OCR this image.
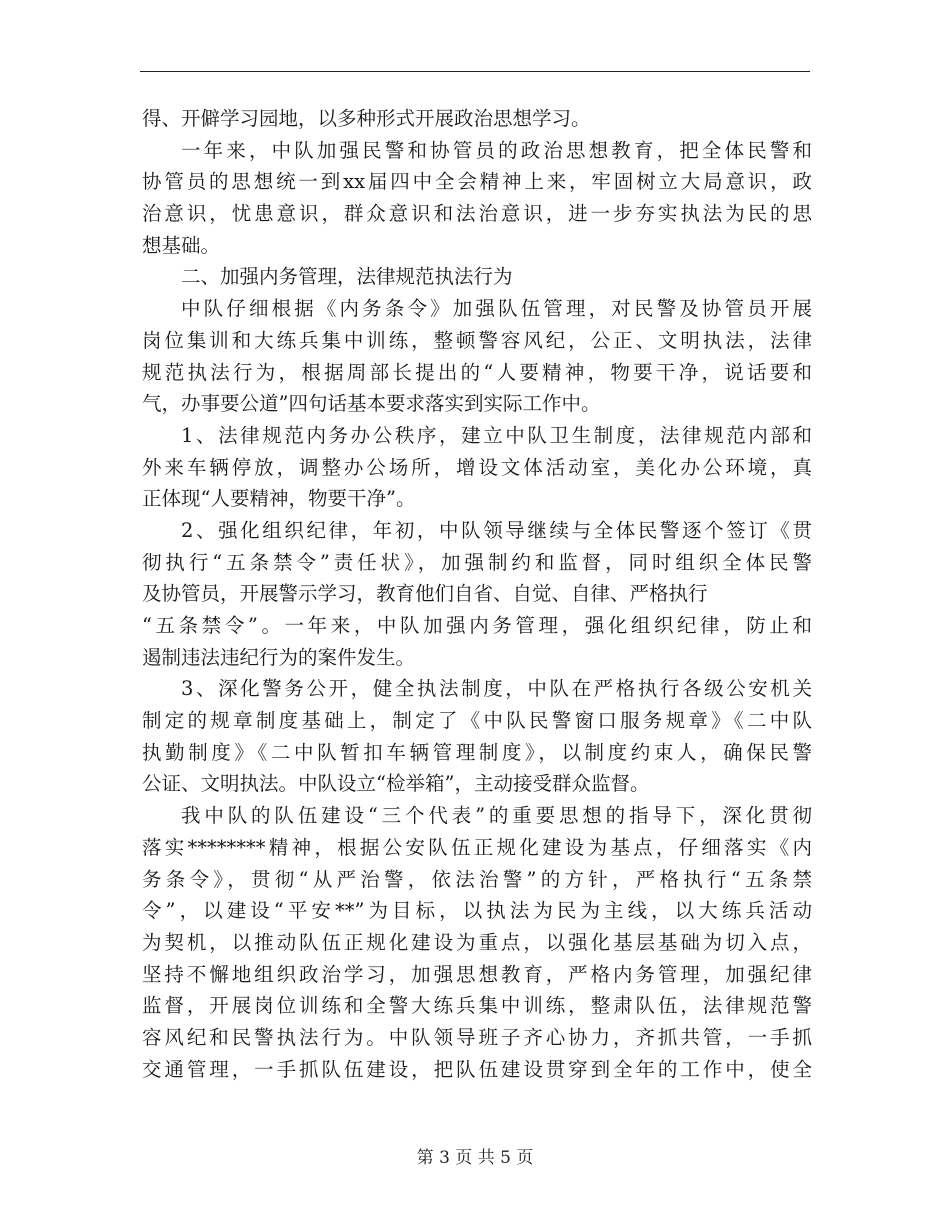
得、开僻学习园地，以多种形式开展政治思想学习。
一年来，中队加强民警和协管员的政治思想教育，把全体民警和
协管员的思想统一到xx届四中全会精神上来，牢固树立大局意识，政
治意识，忧患意识，群众意识和法治意识，进一步夯实执法为民的思
想基础。
二、加强内务管理，法律规范执法行为
中队仔细根据《内务条令》加强队伍管理，对民警及协管员开展
岗位集训和大练兵集中训练，整顿警容风纪，公正、文明执法，法律
规范执法行为，根据周部长提出的“人要精神，物要干净，说话要和
气，办事要公道”四句话基本要求落实到实际工作中。
1、法律规范内务办公秩序，建立中队卫生制度，法律规范内部和
外来车辆停放，调整办公场所，增设文体活动室，美化办公环境，真
正体现“人要精神，物要干净”。
2、强化组织纪律，年初，中队领导继续与全体民警逐个签订《贯
彻执行“五条禁令”责任状》，加强制约和监督，同时组织全体民警
及协管员，开展警示学习，教育他们自省、自觉、自律、严格执行
“五条禁令”。一年来，中队加强内务管理，强化组织纪律，防止和
遏制违法违纪行为的案件发生。
3、深化警务公开，健全执法制度，中队在严格执行各级公安机关
制定的规章制度基础上，制定了《中队民警窗口服务规章》《二中队
执勤制度》《二中队暂扣车辆管理制度》，以制度约束人，确保民警
公证、文明执法。中队设立“检举箱”，主动接受群众监督。
我中队的队伍建设“三个代表”的重要思想的指导下，深化贯彻
落实********精神，根据公安队伍正规化建设为基点，仔细落实《内
务条令》，贯彻“从严治警，依法治警”的方针，严格执行“五条禁
令”，以建设“平安**”为目标，以执法为民为主线，以大练兵活动
为契机，以推动队伍正规化建设为重点，以强化基层基础为切入点，
坚持不懈地组织政治学习，加强思想教育，严格内务管理，加强纪律
监督，开展岗位训练和全警大练兵集中训练，整肃队伍，法律规范警
容风纪和民警执法行为。中队领导班子齐心协力，齐抓共管，一手抓
交通管理，一手抓队伍建设，把队伍建设贯穿到全年的工作中，使全
第 3 页 共 5 页
